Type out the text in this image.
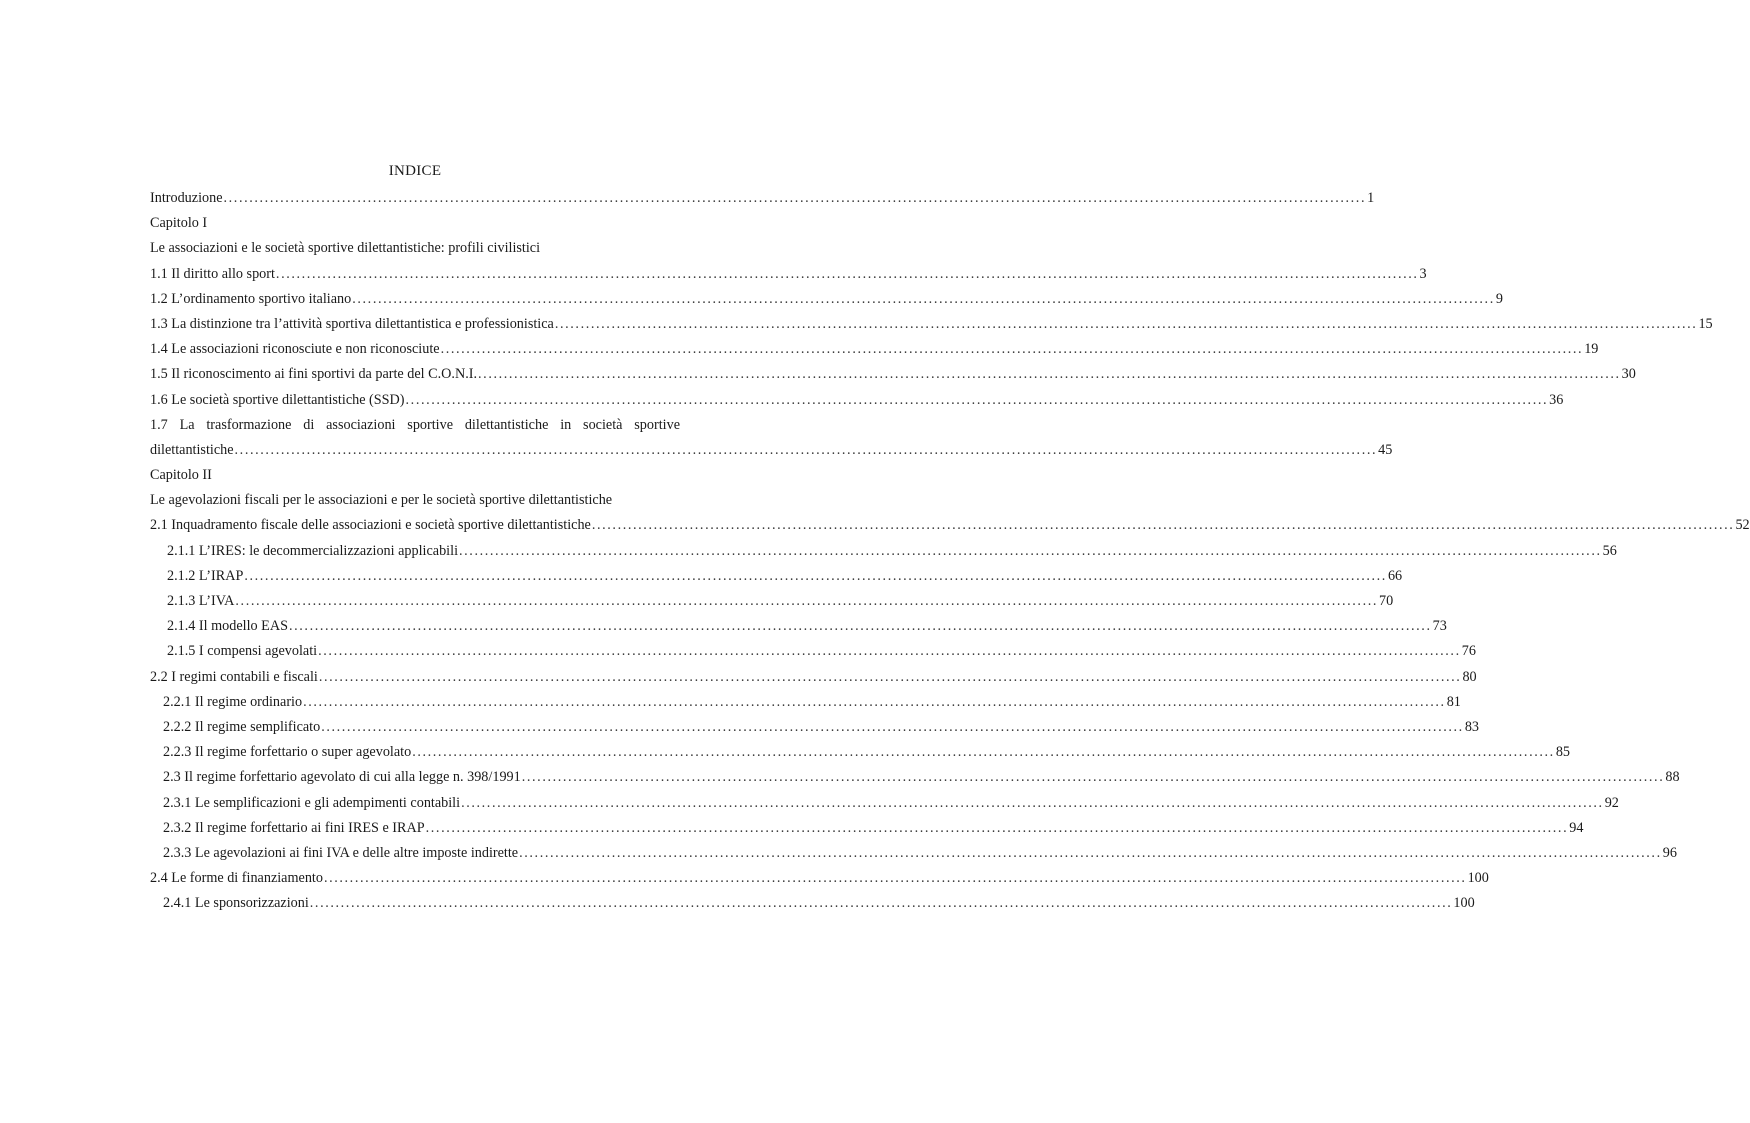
INDICE
Introduzione .............................................................................................................................................................................................................................. 1
Capitolo I
Le associazioni e le società sportive dilettantistiche: profili civilistici
1.1 Il diritto allo sport .............................................................................................................................................................................................................................. 3
1.2 L’ordinamento sportivo italiano .............................................................................................................................................................................................................................. 9
1.3 La distinzione tra l’attività sportiva dilettantistica e professionistica .............................................................................................................................................................................................................................. 15
1.4 Le associazioni riconosciute e non riconosciute .............................................................................................................................................................................................................................. 19
1.5 Il riconoscimento ai fini sportivi da parte del C.O.N.I. .............................................................................................................................................................................................................................. 30
1.6 Le società sportive dilettantistiche (SSD) .............................................................................................................................................................................................................................. 36
1.7 La trasformazione di associazioni sportive dilettantistiche in società sportive
dilettantistiche .............................................................................................................................................................................................................................. 45
Capitolo II
Le agevolazioni fiscali per le associazioni e per le società sportive dilettantistiche
2.1 Inquadramento fiscale delle associazioni e società sportive dilettantistiche .............................................................................................................................................................................................................................. 52
2.1.1 L’IRES: le decommercializzazioni applicabili .............................................................................................................................................................................................................................. 56
2.1.2 L’IRAP .............................................................................................................................................................................................................................. 66
2.1.3 L’IVA .............................................................................................................................................................................................................................. 70
2.1.4 Il modello EAS .............................................................................................................................................................................................................................. 73
2.1.5 I compensi agevolati .............................................................................................................................................................................................................................. 76
2.2 I regimi contabili e fiscali .............................................................................................................................................................................................................................. 80
2.2.1 Il regime ordinario .............................................................................................................................................................................................................................. 81
2.2.2 Il regime semplificato .............................................................................................................................................................................................................................. 83
2.2.3 Il regime forfettario o super agevolato .............................................................................................................................................................................................................................. 85
2.3 Il regime forfettario agevolato di cui alla legge n. 398/1991 .............................................................................................................................................................................................................................. 88
2.3.1 Le semplificazioni e gli adempimenti contabili .............................................................................................................................................................................................................................. 92
2.3.2 Il regime forfettario ai fini IRES e IRAP .............................................................................................................................................................................................................................. 94
2.3.3 Le agevolazioni ai fini IVA e delle altre imposte indirette .............................................................................................................................................................................................................................. 96
2.4 Le forme di finanziamento .............................................................................................................................................................................................................................. 100
2.4.1 Le sponsorizzazioni .............................................................................................................................................................................................................................. 100
